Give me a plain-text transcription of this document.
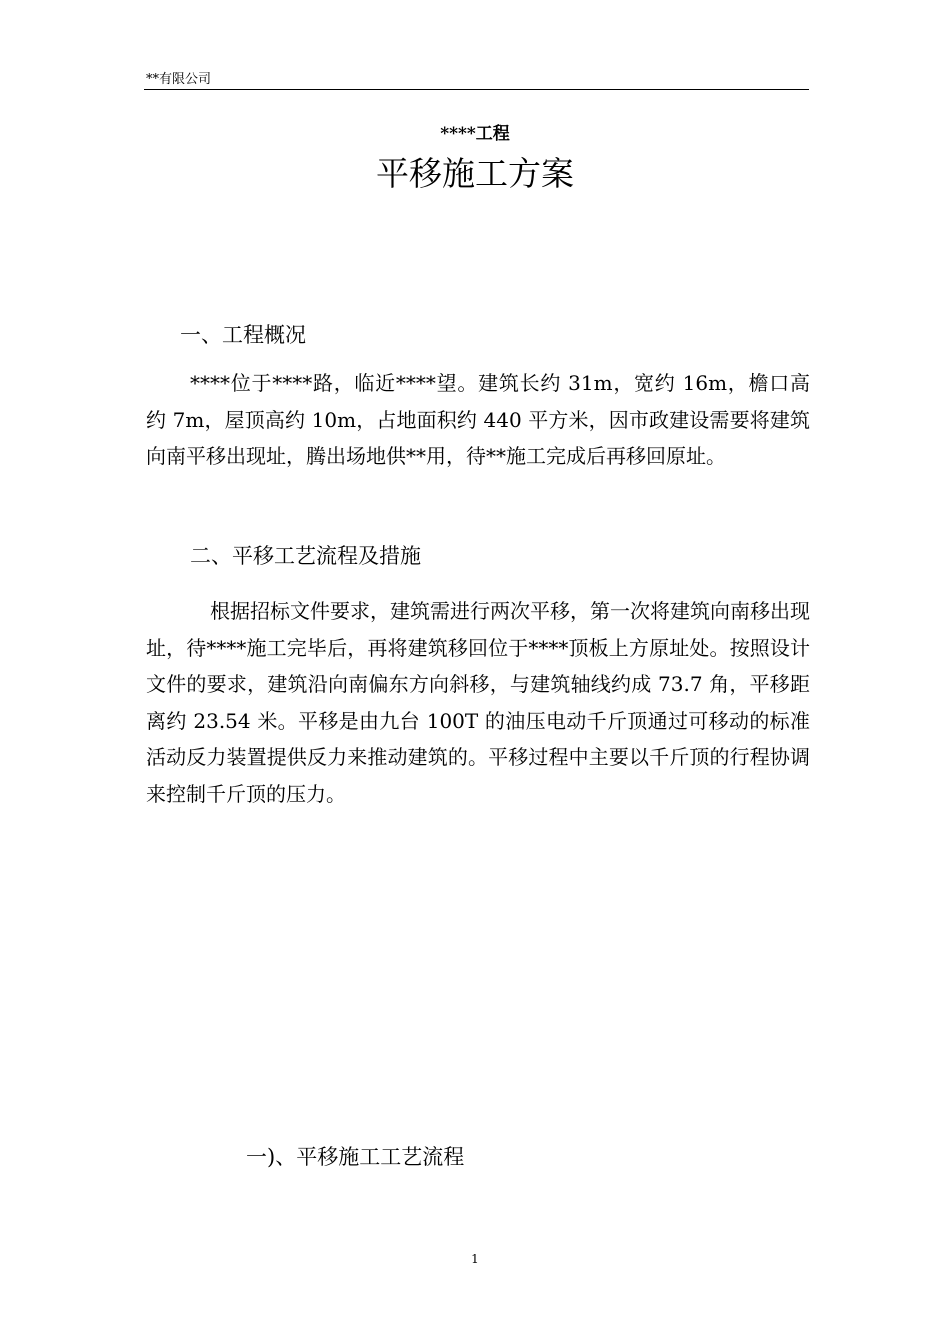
**有限公司
****工程
平移施工方案
一、工程概况
****位于****路，临近****望。建筑长约 31m，宽约 16m，檐口高约 7m，屋顶高约 10m，占地面积约 440 平方米，因市政建设需要将建筑向南平移出现址，腾出场地供**用，待**施工完成后再移回原址。
二、平移工艺流程及措施
根据招标文件要求，建筑需进行两次平移，第一次将建筑向南移出现址，待****施工完毕后，再将建筑移回位于****顶板上方原址处。按照设计文件的要求，建筑沿向南偏东方向斜移，与建筑轴线约成 73.7 角，平移距离约 23.54 米。平移是由九台 100T 的油压电动千斤顶通过可移动的标准活动反力装置提供反力来推动建筑的。平移过程中主要以千斤顶的行程协调来控制千斤顶的压力。
一)、平移施工工艺流程
1
